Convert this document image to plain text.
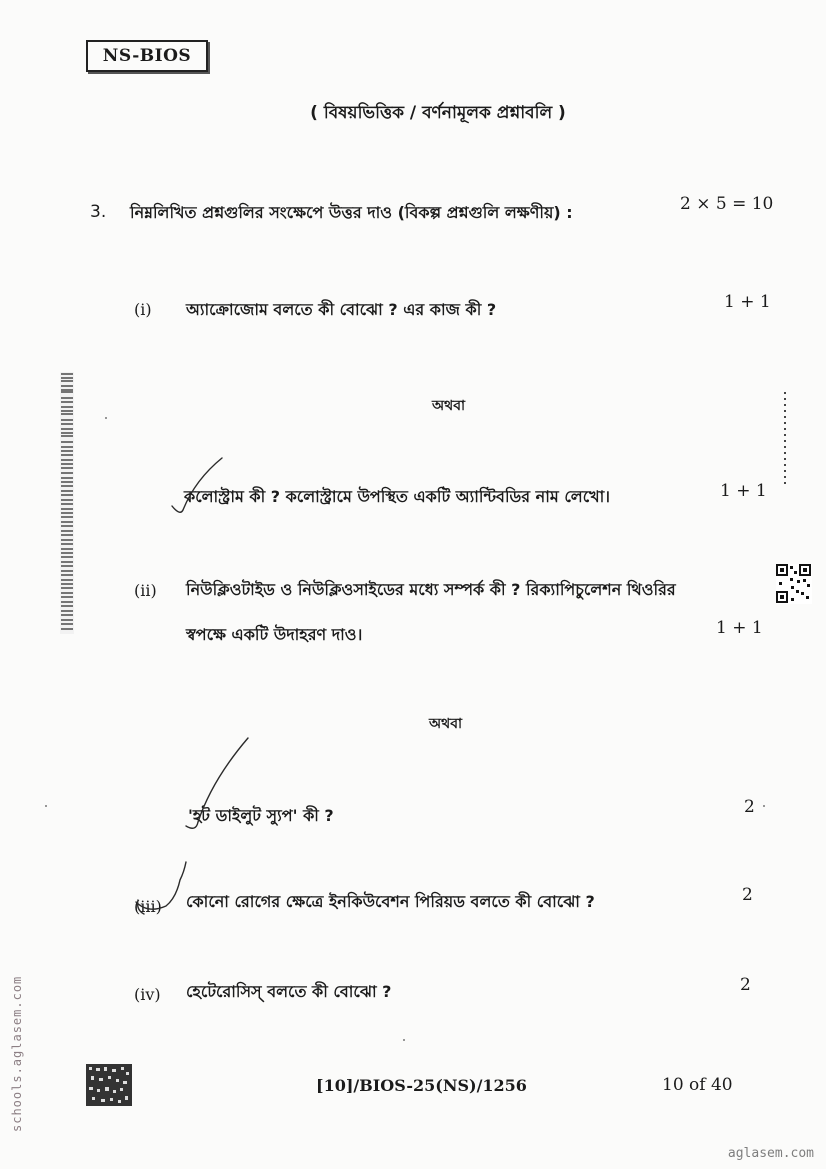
NS-BIOS
( বিষয়ভিত্তিক / বর্ণনামূলক প্রশ্নাবলি )
3. নিম্নলিখিত প্রশ্নগুলির সংক্ষেপে উত্তর দাও (বিকল্প প্রশ্নগুলি লক্ষণীয়) :	2 × 5 = 10
(i) অ্যাক্রোজোম বলতে কী বোঝো ? এর কাজ কী ?	1 + 1
অথবা
কলোস্ট্রাম কী ? কলোস্ট্রামে উপস্থিত একটি অ্যান্টিবডির নাম লেখো।	1 + 1
(ii) নিউক্লিওটাইড ও নিউক্লিওসাইডের মধ্যে সম্পর্ক কী ? রিক্যাপিচুলেশন থিওরির
স্বপক্ষে একটি উদাহরণ দাও।	1 + 1
অথবা
'হট ডাইলুট স্যুপ' কী ?	2
(iii) কোনো রোগের ক্ষেত্রে ইনকিউবেশন পিরিয়ড বলতে কী বোঝো ?	2
(iv) হেটেরোসিস্ বলতে কী বোঝো ?	2
[10]/BIOS-25(NS)/1256	10 of 40
schools.aglasem.com
aglasem.com
